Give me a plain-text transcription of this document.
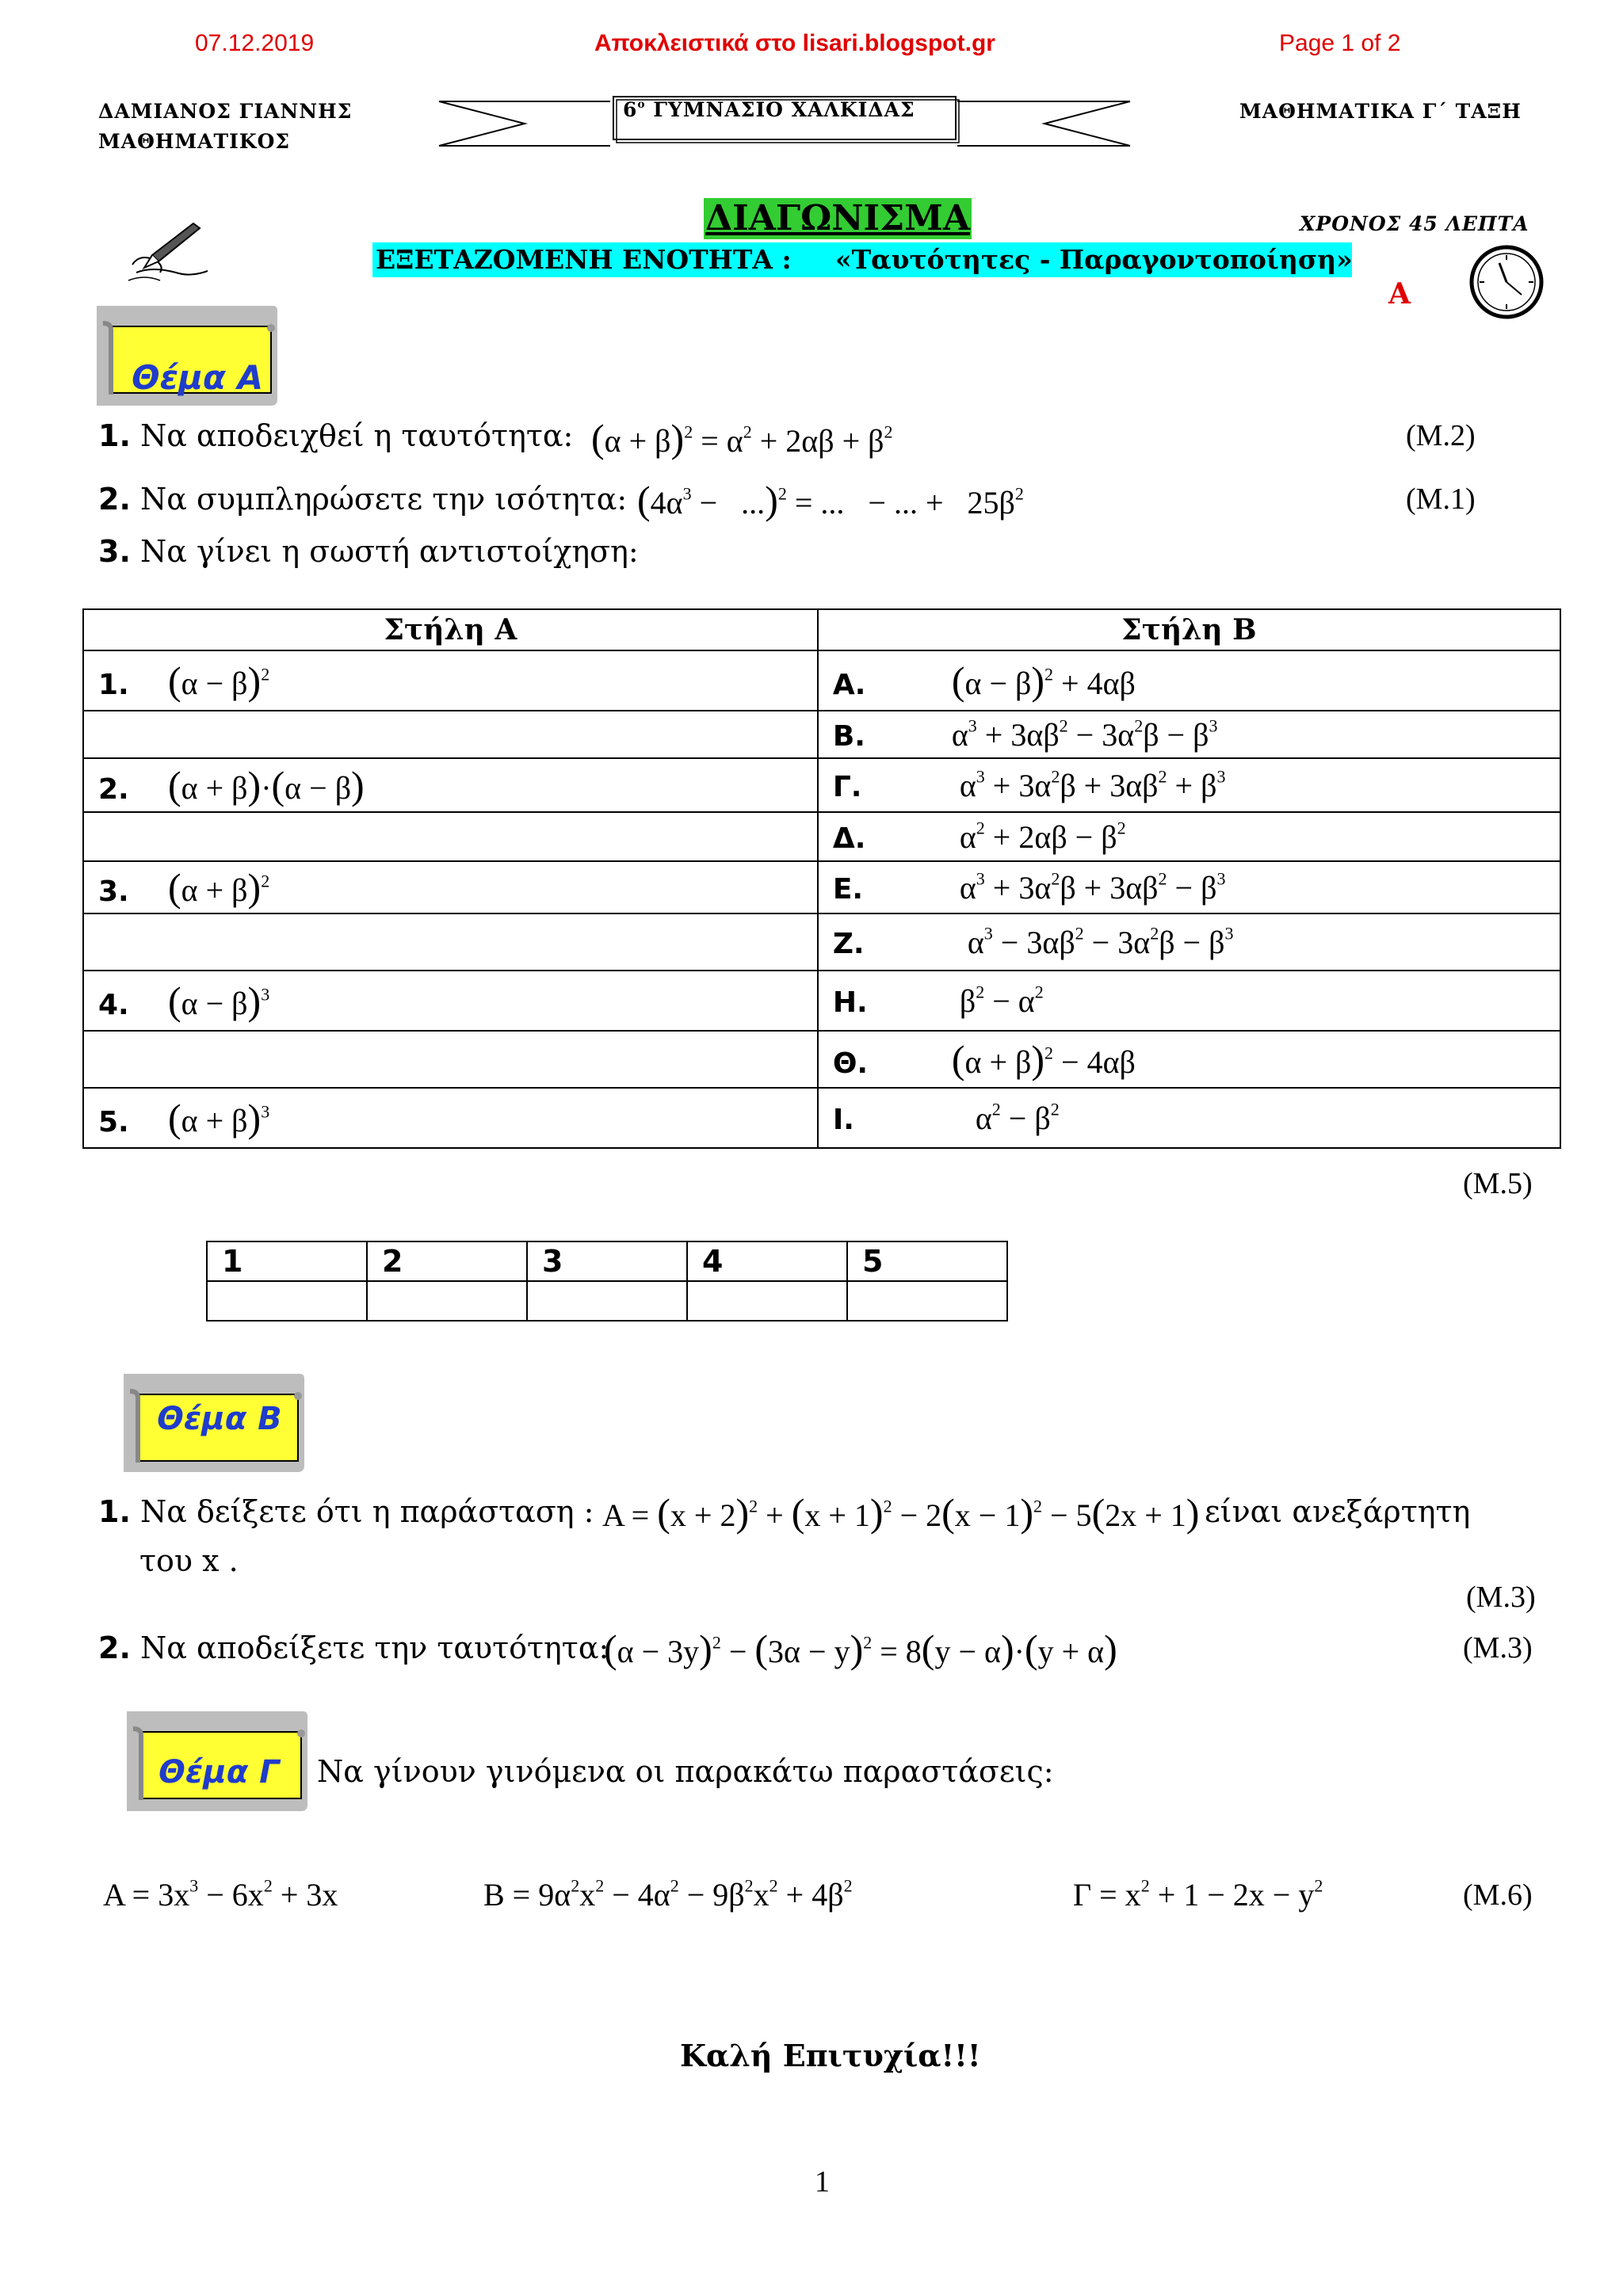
07.12.2019	Αποκλειστικά στο lisari.blogspot.gr	Page 1 of 2
ΔΑΜΙΑΝΟΣ ΓΙΑΝΝΗΣ
ΜΑΘΗΜΑΤΙΚΟΣ
$6^o$ ΓΥΜΝΑΣΙΟ ΧΑΛΚΙΔΑΣ	ΜΑΘΗΜΑΤΙΚΑ Γ΄ ΤΑΞΗ
ΔΙΑΓΩΝΙΣΜΑ
ΕΞΕΤΑΖΟΜΕΝΗ ΕΝΟΤΗΤΑ : «Ταυτότητες - Παραγοντοποίηση»
ΧΡΟΝΟΣ 45 ΛΕΠΤΑ
Α
Θέμα Α
1. Να αποδειχθεί η ταυτότητα: $(\alpha + \beta)^2 = \alpha^2 + 2\alpha\beta + \beta^2$	(Μ.2)
2. Να συμπληρώσετε την ισότητα: $(4\alpha^3 - ...)^2$ = ...   − ... +   $25\beta^2$	(Μ.1)
3. Να γίνει η σωστή αντιστοίχηση:
Στήλη Α	Στήλη Β
1. $(\alpha - \beta)^2$	Α. $(\alpha - \beta)^2 + 4\alpha\beta$
	Β. $\alpha^3 + 3\alpha\beta^2 - 3\alpha^2\beta - \beta^3$
2. (α + β)·(α − β)	Γ. $\alpha^3 + 3\alpha^2\beta + 3\alpha\beta^2 + \beta^3$
	Δ. $\alpha^2 + 2\alpha\beta - \beta^2$
3. $(\alpha + \beta)^2$	Ε. $\alpha^3 + 3\alpha^2\beta + 3\alpha\beta^2 - \beta^3$
	Ζ. $\alpha^3 - 3\alpha\beta^2 - 3\alpha^2\beta - \beta^3$
4. $(\alpha - \beta)^3$	Η. $\beta^2 - \alpha^2$
	Θ. $(\alpha + \beta)^2 - 4\alpha\beta$
5. $(\alpha + \beta)^3$	Ι. $\alpha^2 - \beta^2$
(Μ.5)
1	2	3	4	5

Θέμα Β
1. Να δείξετε ότι η παράσταση : $A = (x + 2)^2 + (x + 1)^2 - 2(x - 1)^2 - 5(2x + 1)$ είναι ανεξάρτητη
του x .
(Μ.3)
2. Να αποδείξετε την ταυτότητα:
$(\alpha - 3y)^2 - (3\alpha - y)^2 = 8(y - \alpha)\cdot(y + \alpha)$	(Μ.3)
Θέμα Γ Να γίνουν γινόμενα οι παρακάτω παραστάσεις:
$A = 3x^3 - 6x^2 + 3x$	$B = 9\alpha^2x^2 - 4\alpha^2 - 9\beta^2x^2 + 4\beta^2$	$\Gamma = x^2 + 1 - 2x - y^2$	(Μ.6)
Καλή Επιτυχία!!!
1
